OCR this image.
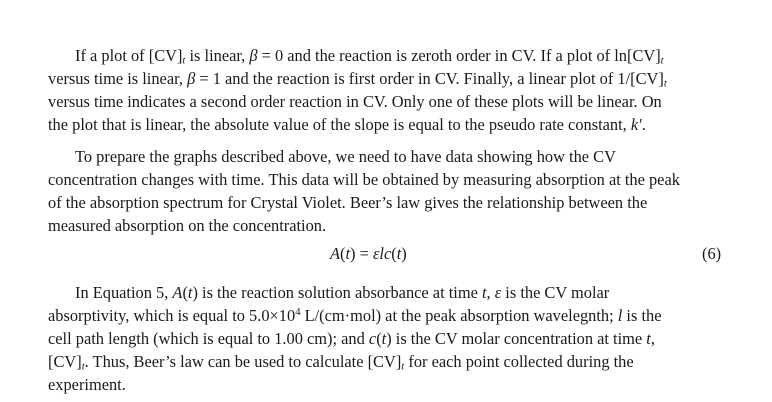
If a plot of $[CV]_t$ is linear, β = 0 and the reaction is zeroth order in CV. If a plot of $\ln[CV]_t$
versus time is linear, β = 1 and the reaction is first order in CV. Finally, a linear plot of $1/[CV]_t$
versus time indicates a second order reaction in CV. Only one of these plots will be linear. On
the plot that is linear, the absolute value of the slope is equal to the pseudo rate constant, k′.
To prepare the graphs described above, we need to have data showing how the CV
concentration changes with time. This data will be obtained by measuring absorption at the peak
of the absorption spectrum for Crystal Violet. Beer’s law gives the relationship between the
measured absorption on the concentration.
A(t) = εlc(t)	(6)
In Equation 5, A(t) is the reaction solution absorbance at time t, ε is the CV molar
absorptivity, which is equal to $5.0\times 10^4$ L/(cm·mol) at the peak absorption wavelegnth; l is the
cell path length (which is equal to 1.00 cm); and c(t) is the CV molar concentration at time t,
$[CV]_t$. Thus, Beer’s law can be used to calculate $[CV]_t$ for each point collected during the
experiment.
